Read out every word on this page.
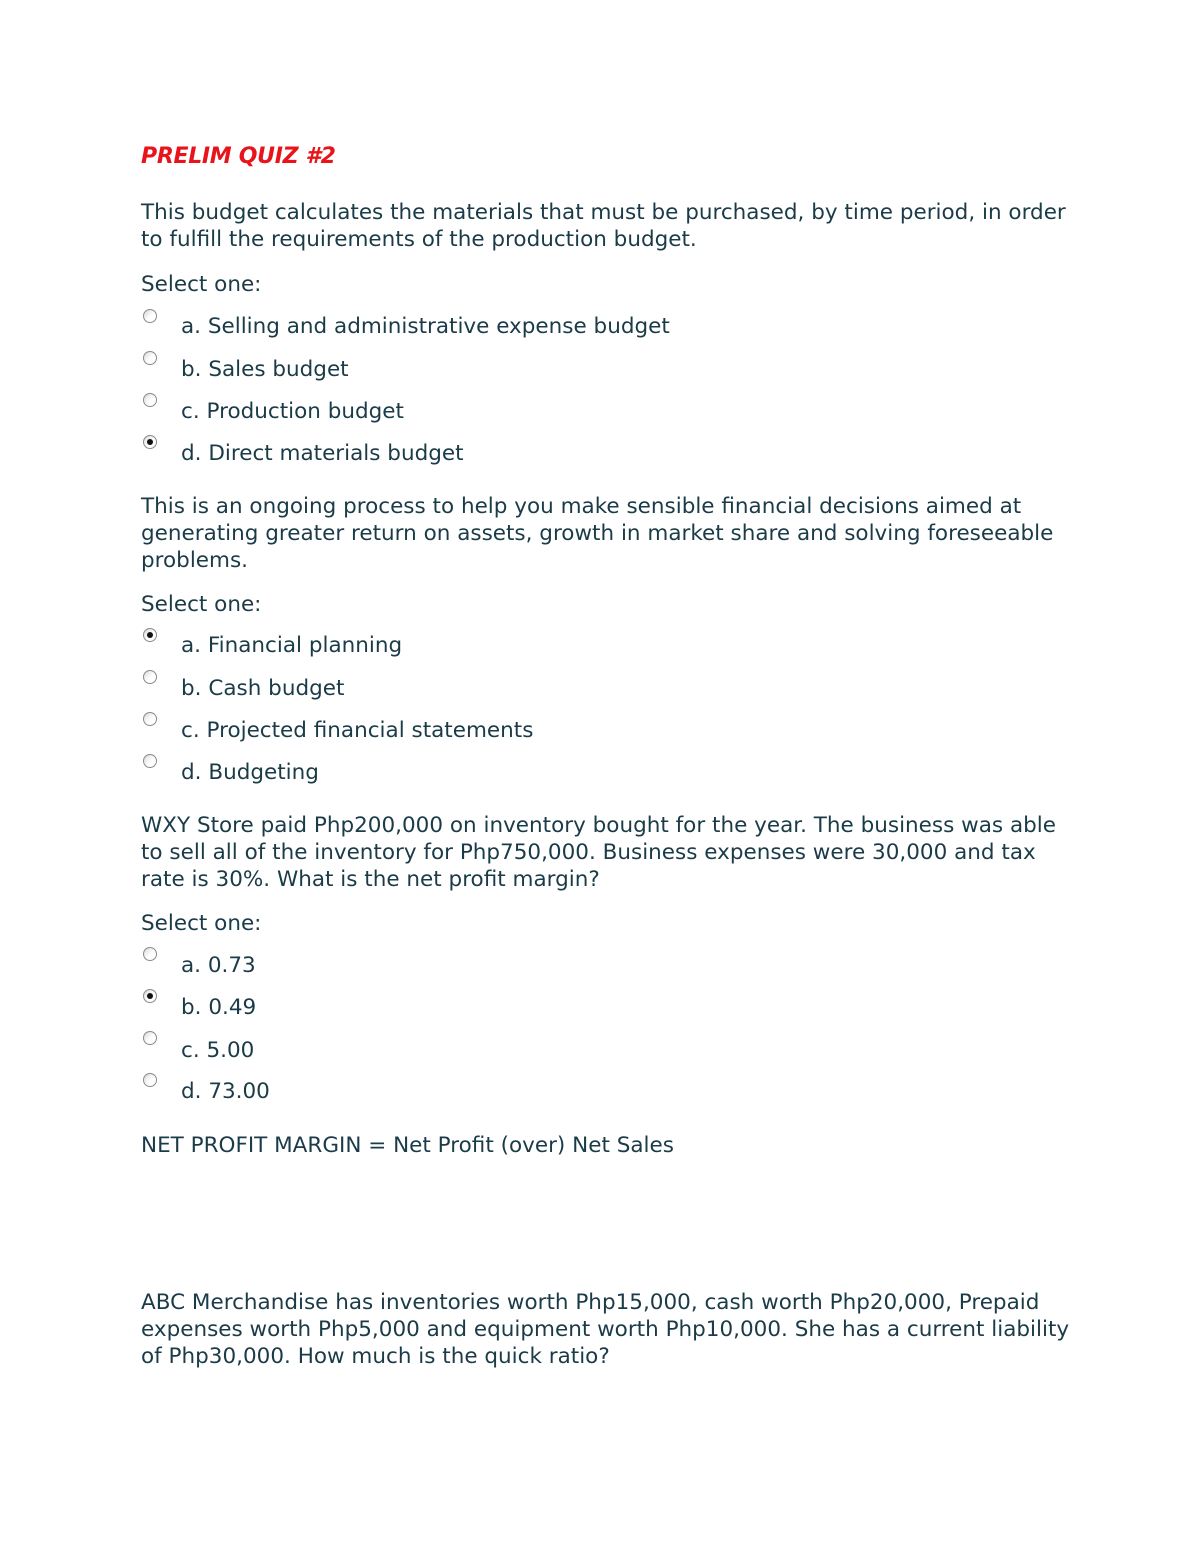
PRELIM QUIZ #2
This budget calculates the materials that must be purchased, by time period, in order to fulfill the requirements of the production budget.
Select one:
a. Selling and administrative expense budget
b. Sales budget
c. Production budget
d. Direct materials budget
This is an ongoing process to help you make sensible financial decisions aimed at generating greater return on assets, growth in market share and solving foreseeable problems.
Select one:
a. Financial planning
b. Cash budget
c. Projected financial statements
d. Budgeting
WXY Store paid Php200,000 on inventory bought for the year. The business was able to sell all of the inventory for Php750,000. Business expenses were 30,000 and tax rate is 30%. What is the net profit margin?
Select one:
a. 0.73
b. 0.49
c. 5.00
d. 73.00
NET PROFIT MARGIN = Net Profit (over) Net Sales
ABC Merchandise has inventories worth Php15,000, cash worth Php20,000, Prepaid expenses worth Php5,000 and equipment worth Php10,000. She has a current liability of Php30,000. How much is the quick ratio?
